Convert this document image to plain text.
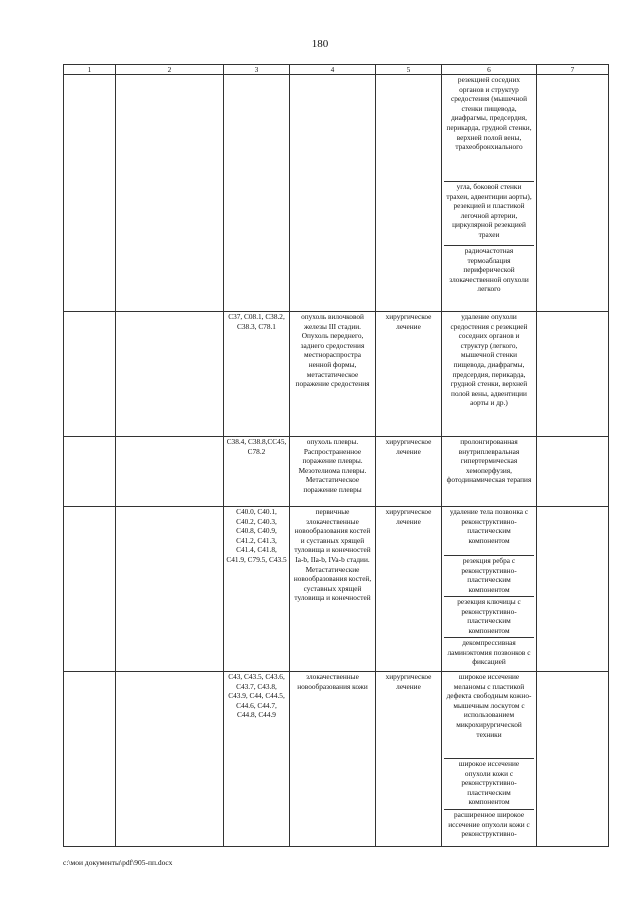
180
1	2	3	4	5	6	7

					резекцией соседних органов и структур средостения (мышечной стенки пищевода, диафрагмы, предсердия, перикарда, грудной стенки, верхней полой вены, трахеобронхиального
угла, боковой стенки трахеи, адвентиции аорты), резекцией и пластикой легочной артерии, циркулярной резекцией трахеи
радиочастотная термоаблация периферической злокачественной опухоли легкого	

		C37, C08.1, C38.2, C38.3, C78.1	опухоль вилочковой железы III стадии. Опухоль переднего, заднего средостения местнораспростра ненной формы, метастатическое поражение средостения	хирургическое лечение	удаление опухоли средостения с резекцией соседних органов и структур (легкого, мышечной стенки пищевода, диафрагмы, предсердия, перикарда, грудной стенки, верхней полой вены, адвентиции аорты и др.)	

		C38.4, C38.8,CC45, C78.2	опухоль плевры. Распространенное поражение плевры. Мезотелиома плевры. Метастатическое поражение плевры	хирургическое лечение	пролонгированная внутриплевральная гипертермическая хемоперфузия, фотодинамическая терапия	

		C40.0, C40.1, C40.2, C40.3, C40.8, C40.9, C41.2, C41.3, C41.4, C41.8, C41.9, C79.5, C43.5	первичные злокачественные новообразования костей и суставных хрящей туловища и конечностей Ia-b, IIa-b, IVa-b стадии. Метастатические новообразования костей, суставных хрящей туловища и конечностей	хирургическое лечение	удаление тела позвонка с реконструктивно-пластическим компонентом
резекция ребра с реконструктивно-пластическим компонентом
резекция ключицы с реконструктивно-пластическим компонентом
декомпрессивная ламинэктомия позвонков с фиксацией	

		C43, C43.5, C43.6, C43.7, C43.8, C43.9, C44, C44.5, C44.6, C44.7, C44.8, C44.9	злокачественные новообразования кожи	хирургическое лечение	широкое иссечение меланомы с пластикой дефекта свободным кожно-мышечным лоскутом с использованием микрохирургической техники
широкое иссечение опухоли кожи с реконструктивно-пластическим компонентом
расширенное широкое иссечение опухоли кожи с реконструктивно-	

c:\мои документы\pdf\905-пп.docx
